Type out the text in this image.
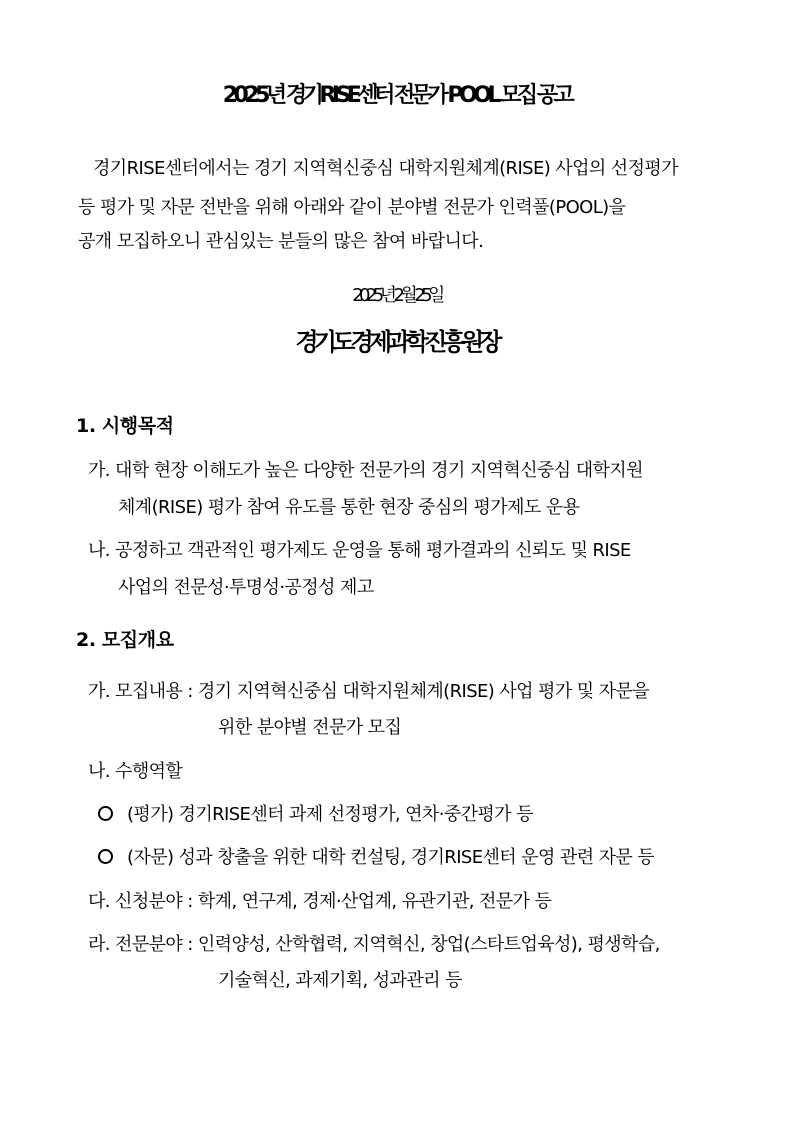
2025년 경기RISE센터 전문가 POOL 모집 공고
경기RISE센터에서는 경기 지역혁신중심 대학지원체계(RISE) 사업의 선정평가
등 평가 및 자문 전반을 위해 아래와 같이 분야별 전문가 인력풀(POOL)을
공개 모집하오니 관심있는 분들의 많은 참여 바랍니다.
2025년 2월 25일
경기도경제과학진흥원장
1. 시행목적
가. 대학 현장 이해도가 높은 다양한 전문가의 경기 지역혁신중심 대학지원
체계(RISE) 평가 참여 유도를 통한 현장 중심의 평가제도 운용
나. 공정하고 객관적인 평가제도 운영을 통해 평가결과의 신뢰도 및 RISE
사업의 전문성·투명성·공정성 제고
2. 모집개요
가. 모집내용 : 경기 지역혁신중심 대학지원체계(RISE) 사업 평가 및 자문을
위한 분야별 전문가 모집
나. 수행역할
(평가) 경기RISE센터 과제 선정평가, 연차·중간평가 등
(자문) 성과 창출을 위한 대학 컨설팅, 경기RISE센터 운영 관련 자문 등
다. 신청분야 : 학계, 연구계, 경제·산업계, 유관기관, 전문가 등
라. 전문분야 : 인력양성, 산학협력, 지역혁신, 창업(스타트업육성), 평생학습,
기술혁신, 과제기획, 성과관리 등
